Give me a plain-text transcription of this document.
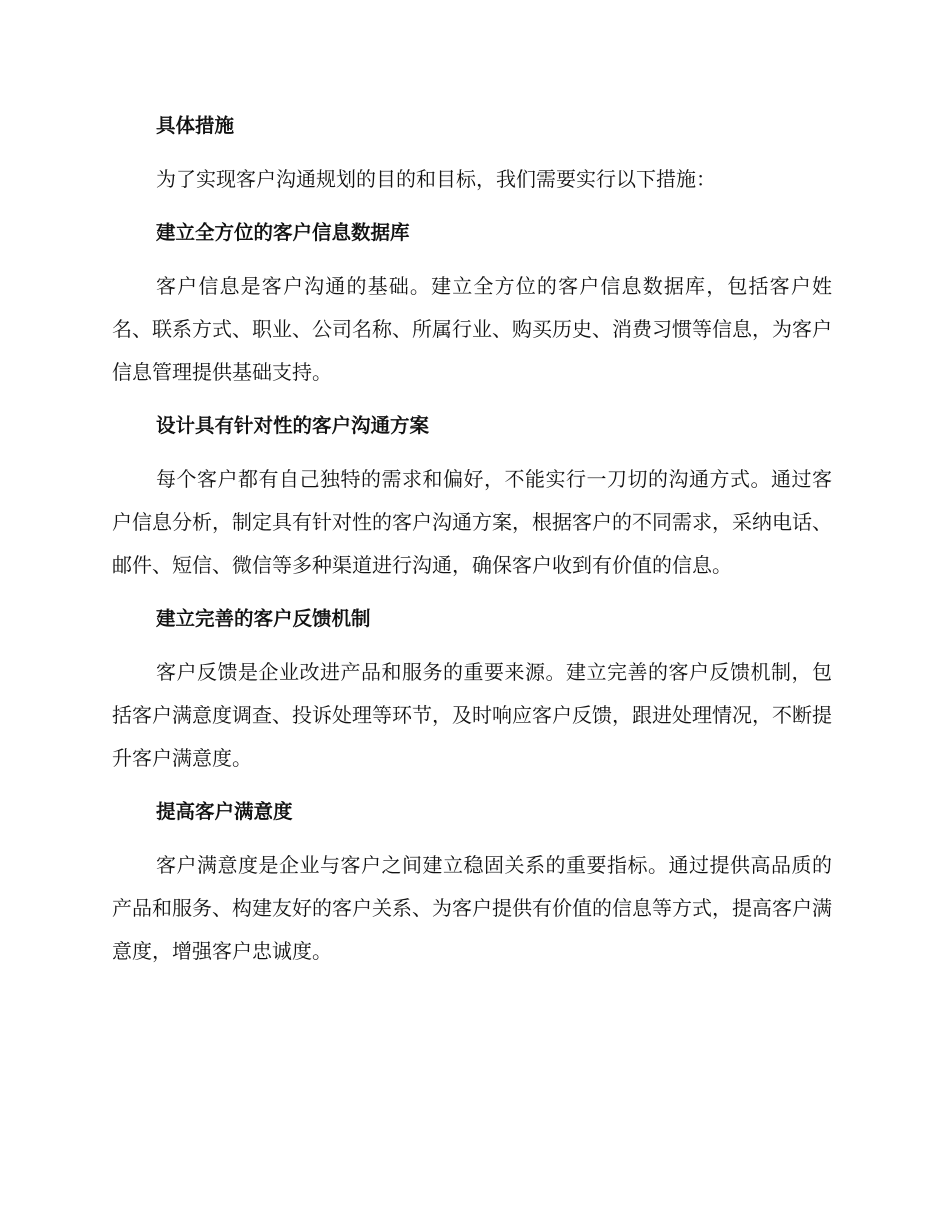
具体措施

为了实现客户沟通规划的目的和目标，我们需要实行以下措施：

建立全方位的客户信息数据库

客户信息是客户沟通的基础。建立全方位的客户信息数据库，包括客户姓名、联系方式、职业、公司名称、所属行业、购买历史、消费习惯等信息，为客户信息管理提供基础支持。

设计具有针对性的客户沟通方案

每个客户都有自己独特的需求和偏好，不能实行一刀切的沟通方式。通过客户信息分析，制定具有针对性的客户沟通方案，根据客户的不同需求，采纳电话、邮件、短信、微信等多种渠道进行沟通，确保客户收到有价值的信息。

建立完善的客户反馈机制

客户反馈是企业改进产品和服务的重要来源。建立完善的客户反馈机制，包括客户满意度调查、投诉处理等环节，及时响应客户反馈，跟进处理情况，不断提升客户满意度。

提高客户满意度

客户满意度是企业与客户之间建立稳固关系的重要指标。通过提供高品质的产品和服务、构建友好的客户关系、为客户提供有价值的信息等方式，提高客户满意度，增强客户忠诚度。
